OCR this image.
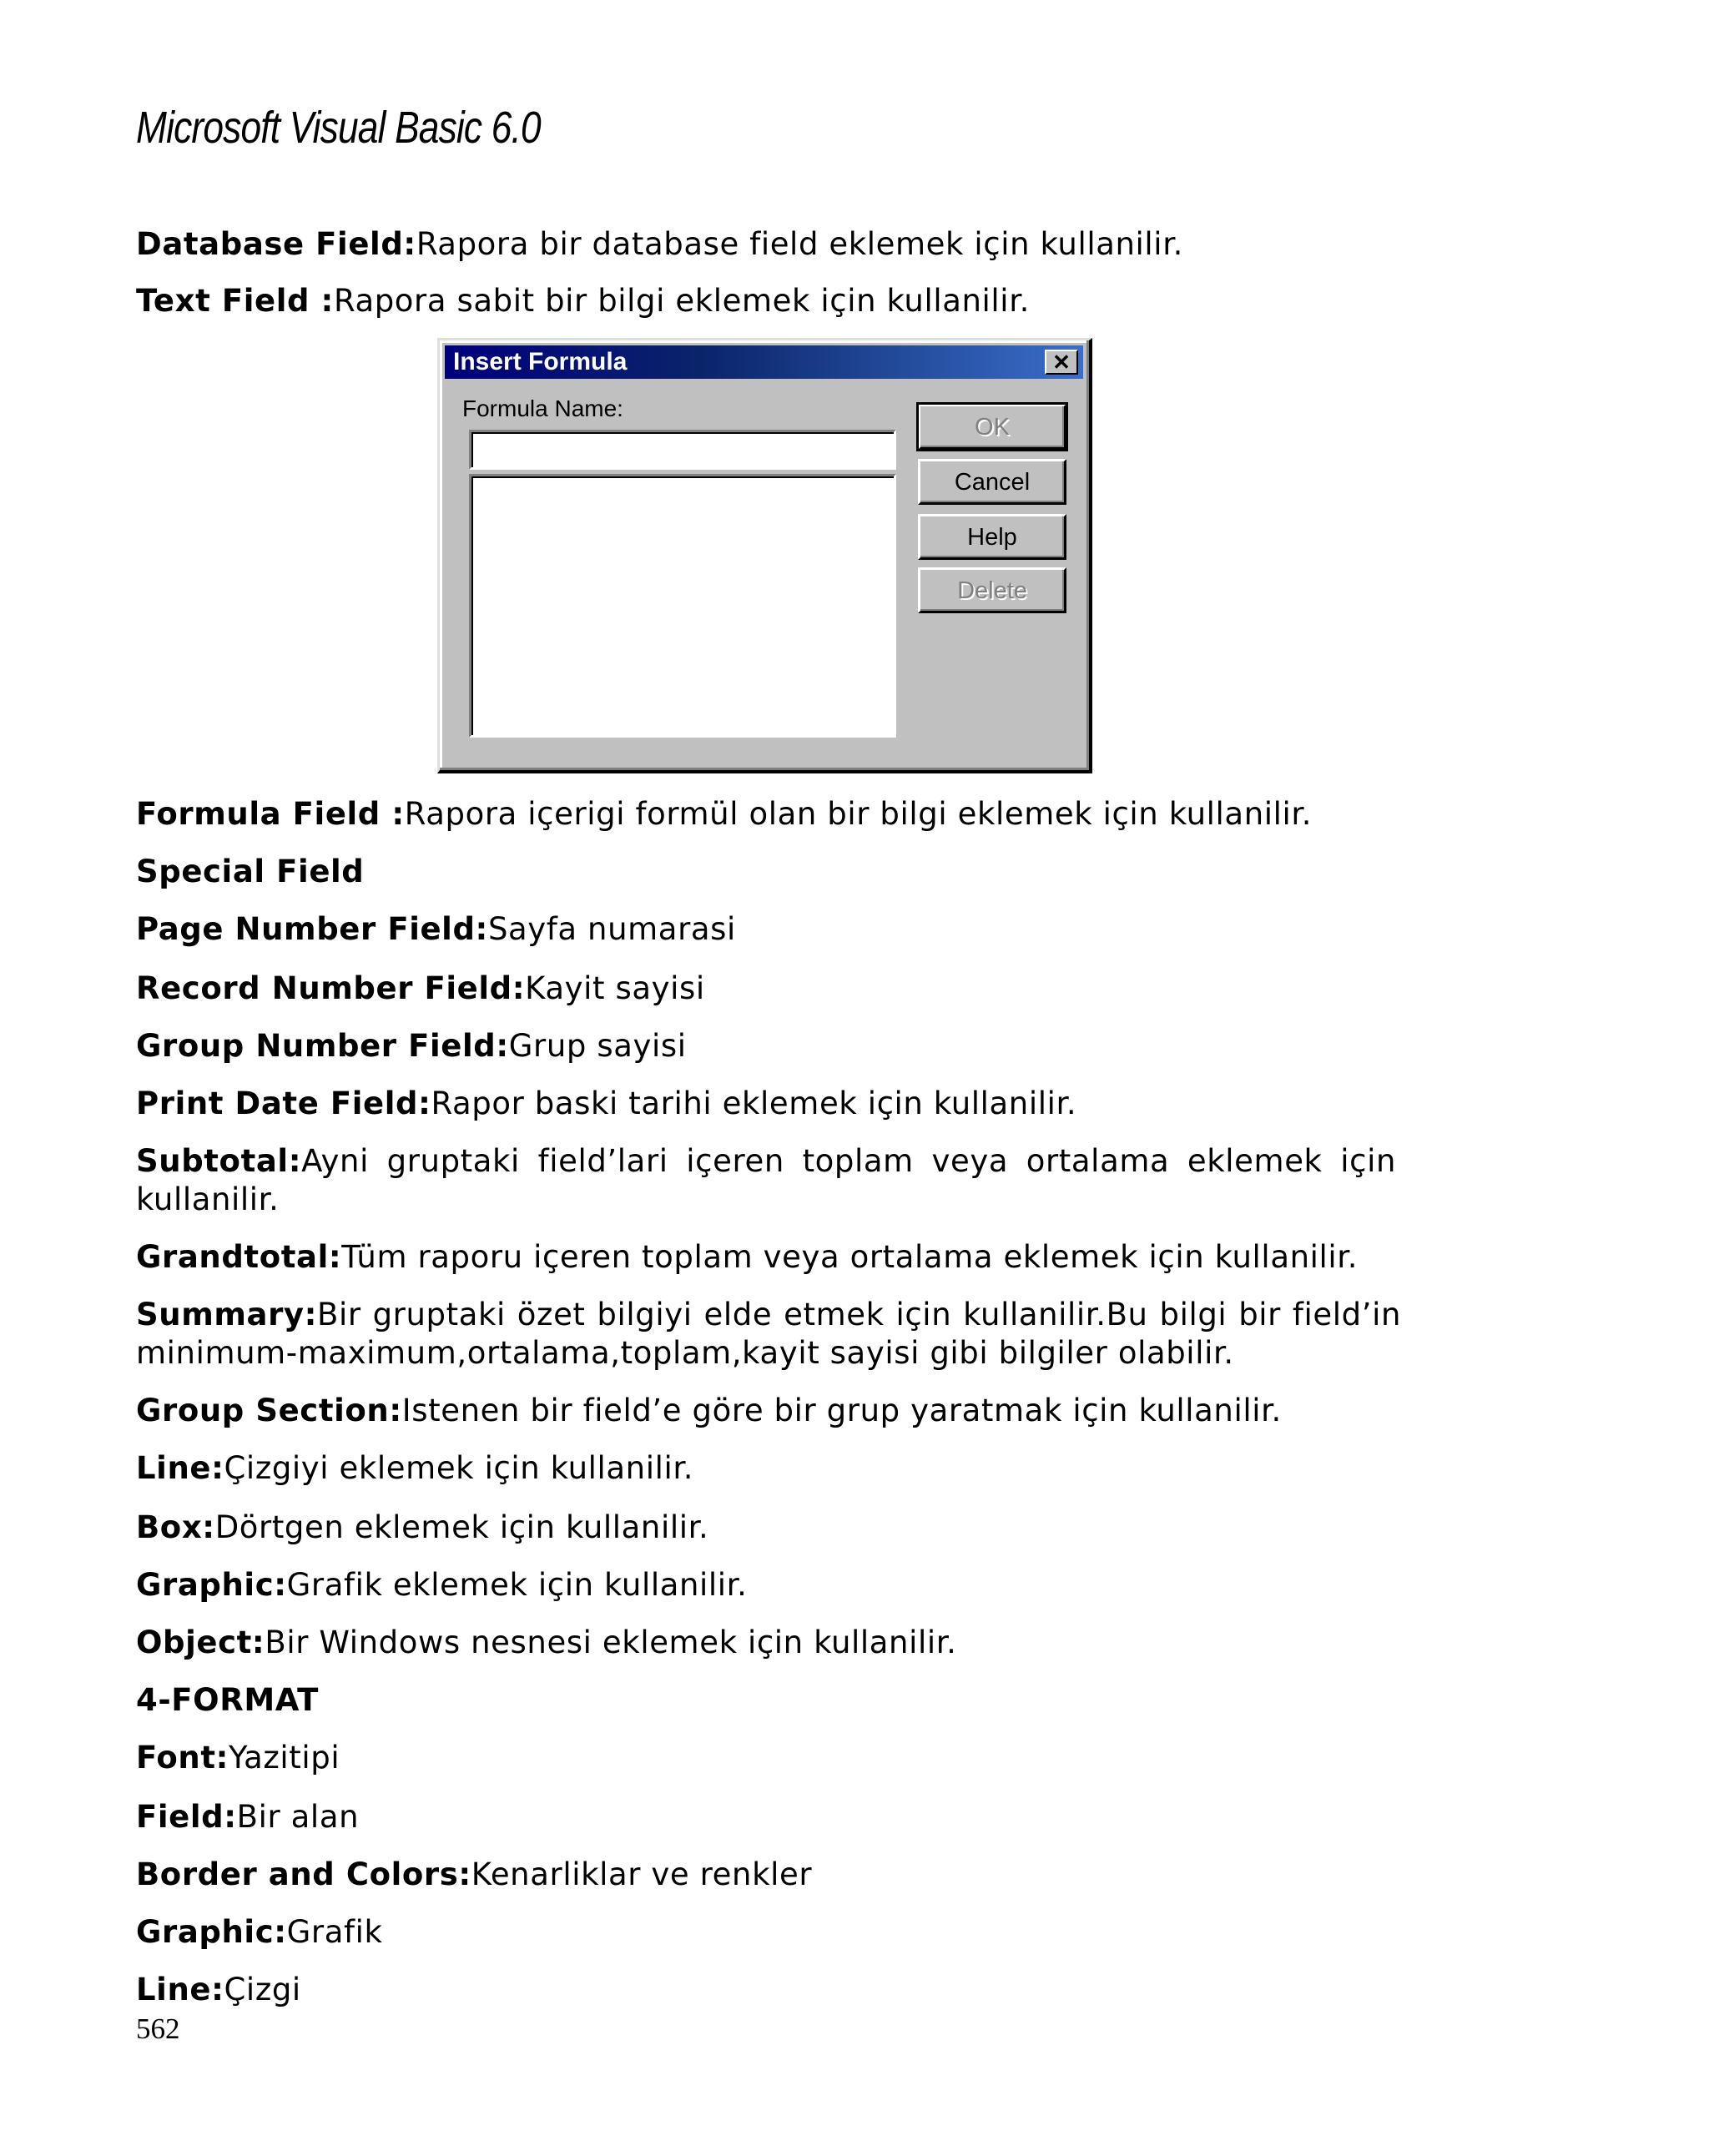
Microsoft Visual Basic 6.0
Database Field:Rapora bir database field eklemek için kullanilir.
Text Field :Rapora sabit bir bilgi eklemek için kullanilir.
Insert Formula	✕
Formula Name:
OK
Cancel
Help
Delete
Formula Field :Rapora içerigi formül olan bir bilgi eklemek için kullanilir.
Special Field
Page Number Field:Sayfa numarasi
Record Number Field:Kayit sayisi
Group Number Field:Grup sayisi
Print Date Field:Rapor baski tarihi eklemek için kullanilir.
Subtotal:Ayni gruptaki field’lari içeren toplam veya ortalama eklemek için kullanilir.
Grandtotal:Tüm raporu içeren toplam veya ortalama eklemek için kullanilir.
Summary:Bir gruptaki özet bilgiyi elde etmek için kullanilir.Bu bilgi bir field’in minimum-maximum,ortalama,toplam,kayit sayisi gibi bilgiler olabilir.
Group Section:Istenen bir field’e göre bir grup yaratmak için kullanilir.
Line:Çizgiyi eklemek için kullanilir.
Box:Dörtgen eklemek için kullanilir.
Graphic:Grafik eklemek için kullanilir.
Object:Bir Windows nesnesi eklemek için kullanilir.
4-FORMAT
Font:Yazitipi
Field:Bir alan
Border and Colors:Kenarliklar ve renkler
Graphic:Grafik
Line:Çizgi
562
